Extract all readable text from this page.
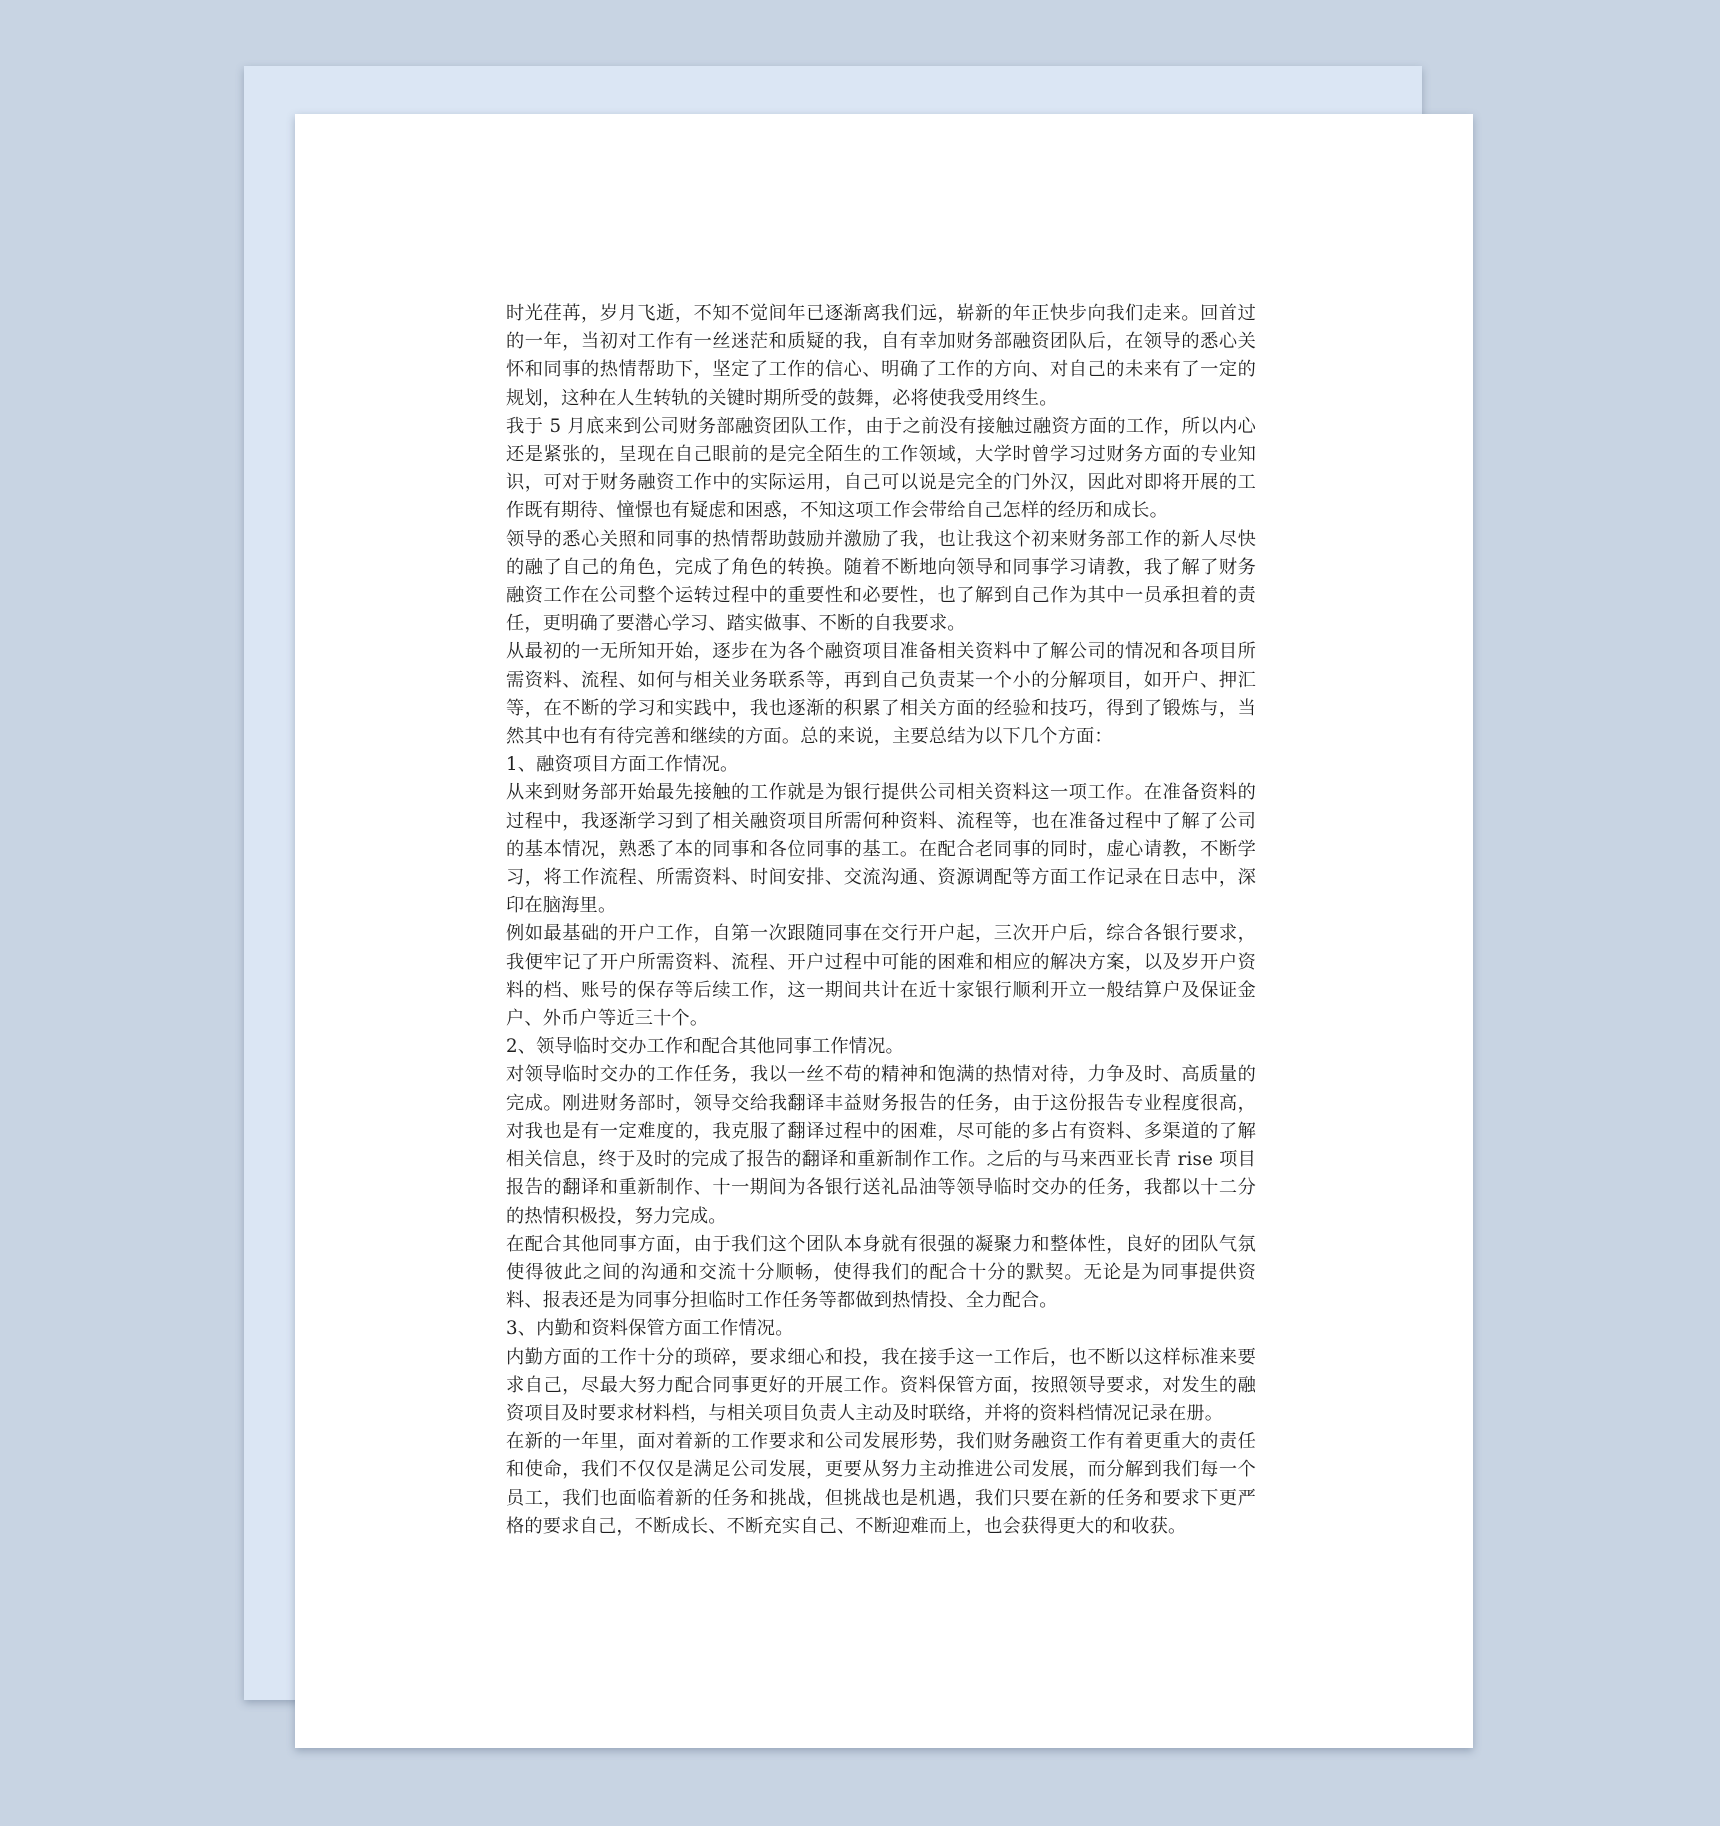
时光荏苒，岁月飞逝，不知不觉间年已逐渐离我们远，崭新的年正快步向我们走来。回首过的一年，当初对工作有一丝迷茫和质疑的我，自有幸加财务部融资团队后，在领导的悉心关怀和同事的热情帮助下，坚定了工作的信心、明确了工作的方向、对自己的未来有了一定的规划，这种在人生转轨的关键时期所受的鼓舞，必将使我受用终生。

我于 5 月底来到公司财务部融资团队工作，由于之前没有接触过融资方面的工作，所以内心还是紧张的，呈现在自己眼前的是完全陌生的工作领域，大学时曾学习过财务方面的专业知识，可对于财务融资工作中的实际运用，自己可以说是完全的门外汉，因此对即将开展的工作既有期待、憧憬也有疑虑和困惑，不知这项工作会带给自己怎样的经历和成长。

领导的悉心关照和同事的热情帮助鼓励并激励了我，也让我这个初来财务部工作的新人尽快的融了自己的角色，完成了角色的转换。随着不断地向领导和同事学习请教，我了解了财务融资工作在公司整个运转过程中的重要性和必要性，也了解到自己作为其中一员承担着的责任，更明确了要潜心学习、踏实做事、不断的自我要求。

从最初的一无所知开始，逐步在为各个融资项目准备相关资料中了解公司的情况和各项目所需资料、流程、如何与相关业务联系等，再到自己负责某一个小的分解项目，如开户、押汇等，在不断的学习和实践中，我也逐渐的积累了相关方面的经验和技巧，得到了锻炼与，当然其中也有有待完善和继续的方面。总的来说，主要总结为以下几个方面：

1、融资项目方面工作情况。

从来到财务部开始最先接触的工作就是为银行提供公司相关资料这一项工作。在准备资料的过程中，我逐渐学习到了相关融资项目所需何种资料、流程等，也在准备过程中了解了公司的基本情况，熟悉了本的同事和各位同事的基工。在配合老同事的同时，虚心请教，不断学习，将工作流程、所需资料、时间安排、交流沟通、资源调配等方面工作记录在日志中，深印在脑海里。

例如最基础的开户工作，自第一次跟随同事在交行开户起，三次开户后，综合各银行要求，我便牢记了开户所需资料、流程、开户过程中可能的困难和相应的解决方案，以及岁开户资料的档、账号的保存等后续工作，这一期间共计在近十家银行顺利开立一般结算户及保证金户、外币户等近三十个。

2、领导临时交办工作和配合其他同事工作情况。

对领导临时交办的工作任务，我以一丝不苟的精神和饱满的热情对待，力争及时、高质量的完成。刚进财务部时，领导交给我翻译丰益财务报告的任务，由于这份报告专业程度很高，对我也是有一定难度的，我克服了翻译过程中的困难，尽可能的多占有资料、多渠道的了解相关信息，终于及时的完成了报告的翻译和重新制作工作。之后的与马来西亚长青 rise 项目报告的翻译和重新制作、十一期间为各银行送礼品油等领导临时交办的任务，我都以十二分的热情积极投，努力完成。

在配合其他同事方面，由于我们这个团队本身就有很强的凝聚力和整体性，良好的团队气氛使得彼此之间的沟通和交流十分顺畅，使得我们的配合十分的默契。无论是为同事提供资料、报表还是为同事分担临时工作任务等都做到热情投、全力配合。

3、内勤和资料保管方面工作情况。

内勤方面的工作十分的琐碎，要求细心和投，我在接手这一工作后，也不断以这样标准来要求自己，尽最大努力配合同事更好的开展工作。资料保管方面，按照领导要求，对发生的融资项目及时要求材料档，与相关项目负责人主动及时联络，并将的资料档情况记录在册。

在新的一年里，面对着新的工作要求和公司发展形势，我们财务融资工作有着更重大的责任和使命，我们不仅仅是满足公司发展，更要从努力主动推进公司发展，而分解到我们每一个员工，我们也面临着新的任务和挑战，但挑战也是机遇，我们只要在新的任务和要求下更严格的要求自己，不断成长、不断充实自己、不断迎难而上，也会获得更大的和收获。
